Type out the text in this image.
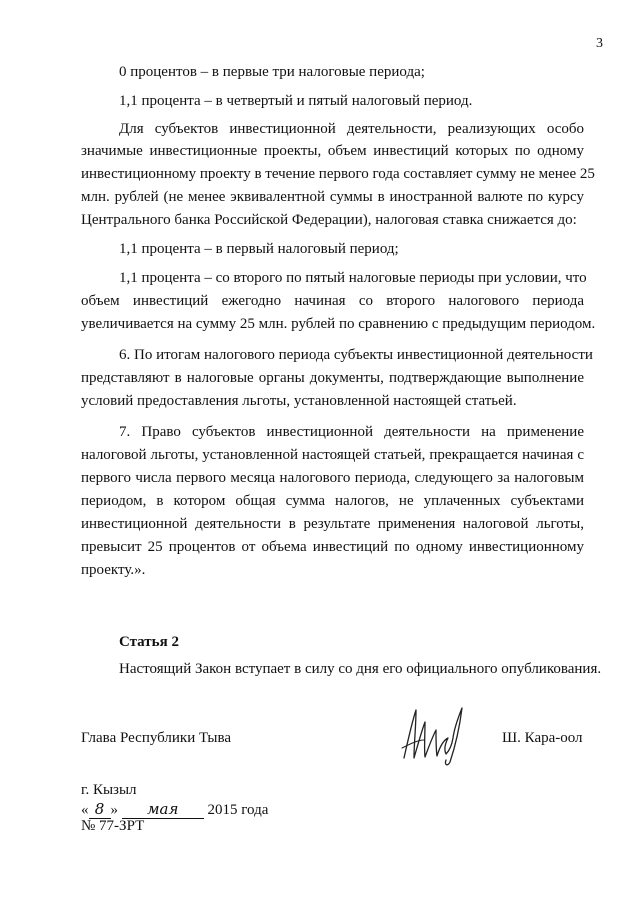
3
0 процентов – в первые три налоговые периода;
1,1 процента – в четвертый и пятый налоговый период.
Для субъектов инвестиционной деятельности, реализующих особо
значимые инвестиционные проекты, объем инвестиций которых по одному
инвестиционному проекту в течение первого года составляет сумму не менее 25
млн. рублей (не менее эквивалентной суммы в иностранной валюте по курсу
Центрального банка Российской Федерации), налоговая ставка снижается до:
1,1 процента – в первый налоговый период;
1,1 процента – со второго по пятый налоговые периоды при условии, что
объем инвестиций ежегодно начиная со второго налогового периода
увеличивается на сумму 25 млн. рублей по сравнению с предыдущим периодом.
6. По итогам налогового периода субъекты инвестиционной деятельности
представляют в налоговые органы документы, подтверждающие выполнение
условий предоставления льготы, установленной настоящей статьей.
7. Право субъектов инвестиционной деятельности на применение
налоговой льготы, установленной настоящей статьей, прекращается начиная с
первого числа первого месяца налогового периода, следующего за налоговым
периодом, в котором общая сумма налогов, не уплаченных субъектами
инвестиционной деятельности в результате применения налоговой льготы,
превысит 25 процентов от объема инвестиций по одному инвестиционному
проекту.».
Статья 2
Настоящий Закон вступает в силу со дня его официального опубликования.
Глава Республики Тыва	Ш. Кара-оол
г. Кызыл
« 8 » мая 2015 года
№ 77-ЗРТ
